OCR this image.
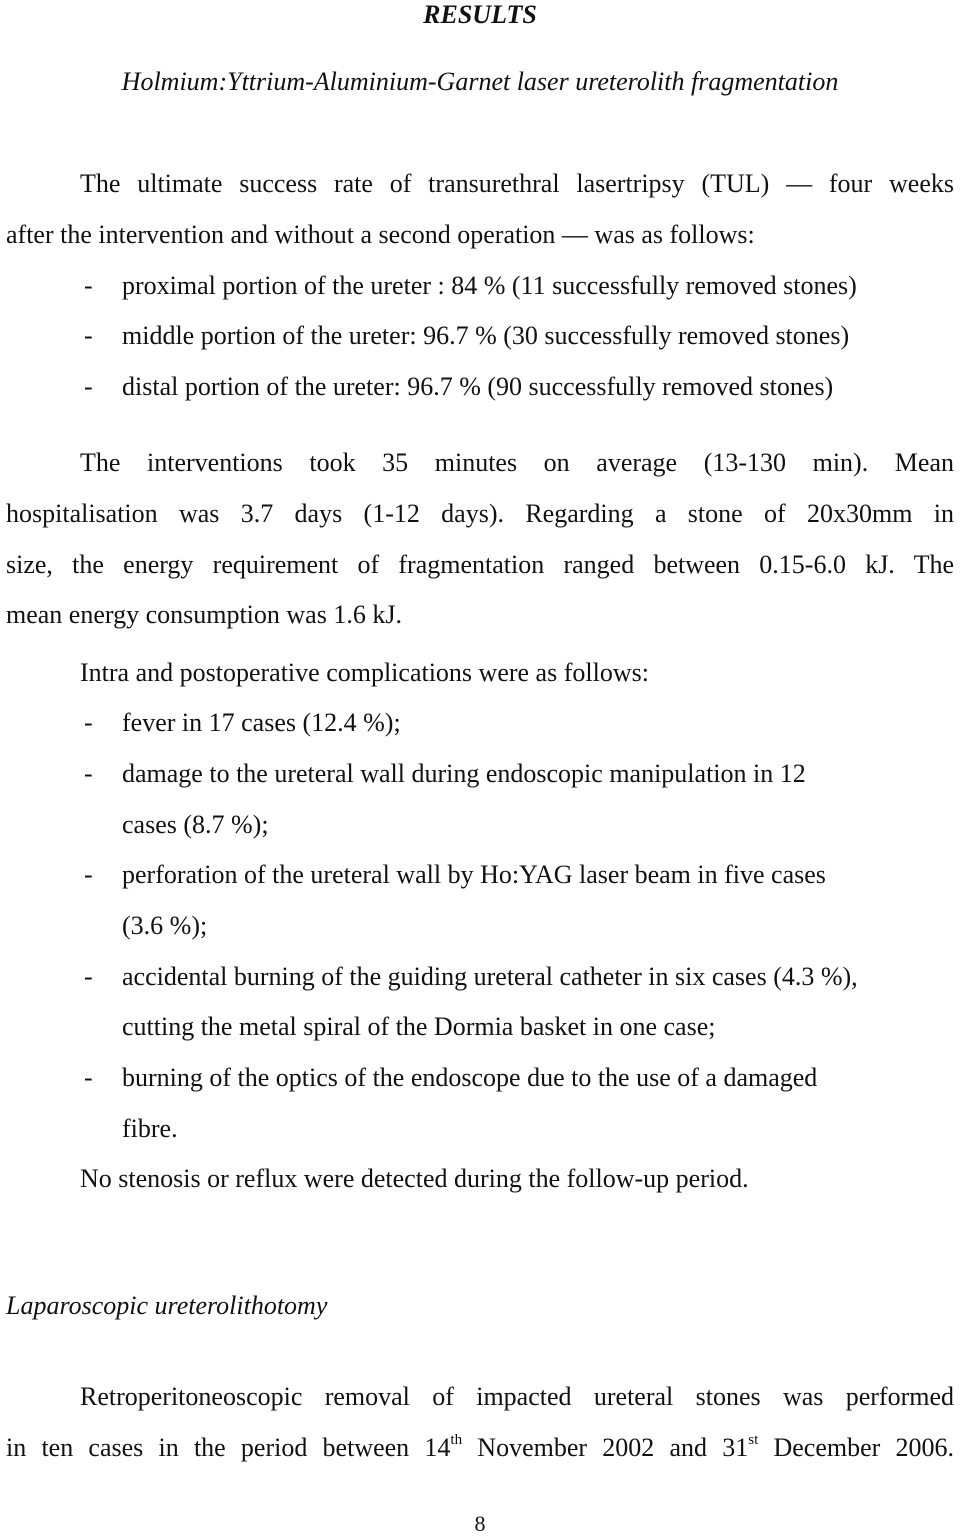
RESULTS
Holmium:Yttrium-Aluminium-Garnet laser ureterolith fragmentation
The ultimate success rate of transurethral lasertripsy (TUL) — four weeks
after the intervention and without a second operation — was as follows:
- proximal portion of the ureter : 84 % (11 successfully removed stones)
- middle portion of the ureter: 96.7 % (30 successfully removed stones)
- distal portion of the ureter: 96.7 % (90 successfully removed stones)
The interventions took 35 minutes on average (13-130 min). Mean
hospitalisation was 3.7 days (1-12 days). Regarding a stone of 20x30mm in
size, the energy requirement of fragmentation ranged between 0.15-6.0 kJ. The
mean energy consumption was 1.6 kJ.
Intra and postoperative complications were as follows:
- fever in 17 cases (12.4 %);
- damage to the ureteral wall during endoscopic manipulation in 12
cases (8.7 %);
- perforation of the ureteral wall by Ho:YAG laser beam in five cases
(3.6 %);
- accidental burning of the guiding ureteral catheter in six cases (4.3 %),
cutting the metal spiral of the Dormia basket in one case;
- burning of the optics of the endoscope due to the use of a damaged
fibre.
No stenosis or reflux were detected during the follow-up period.
Laparoscopic ureterolithotomy
Retroperitoneoscopic removal of impacted ureteral stones was performed
in ten cases in the period between 14th November 2002 and 31st December 2006.
8
